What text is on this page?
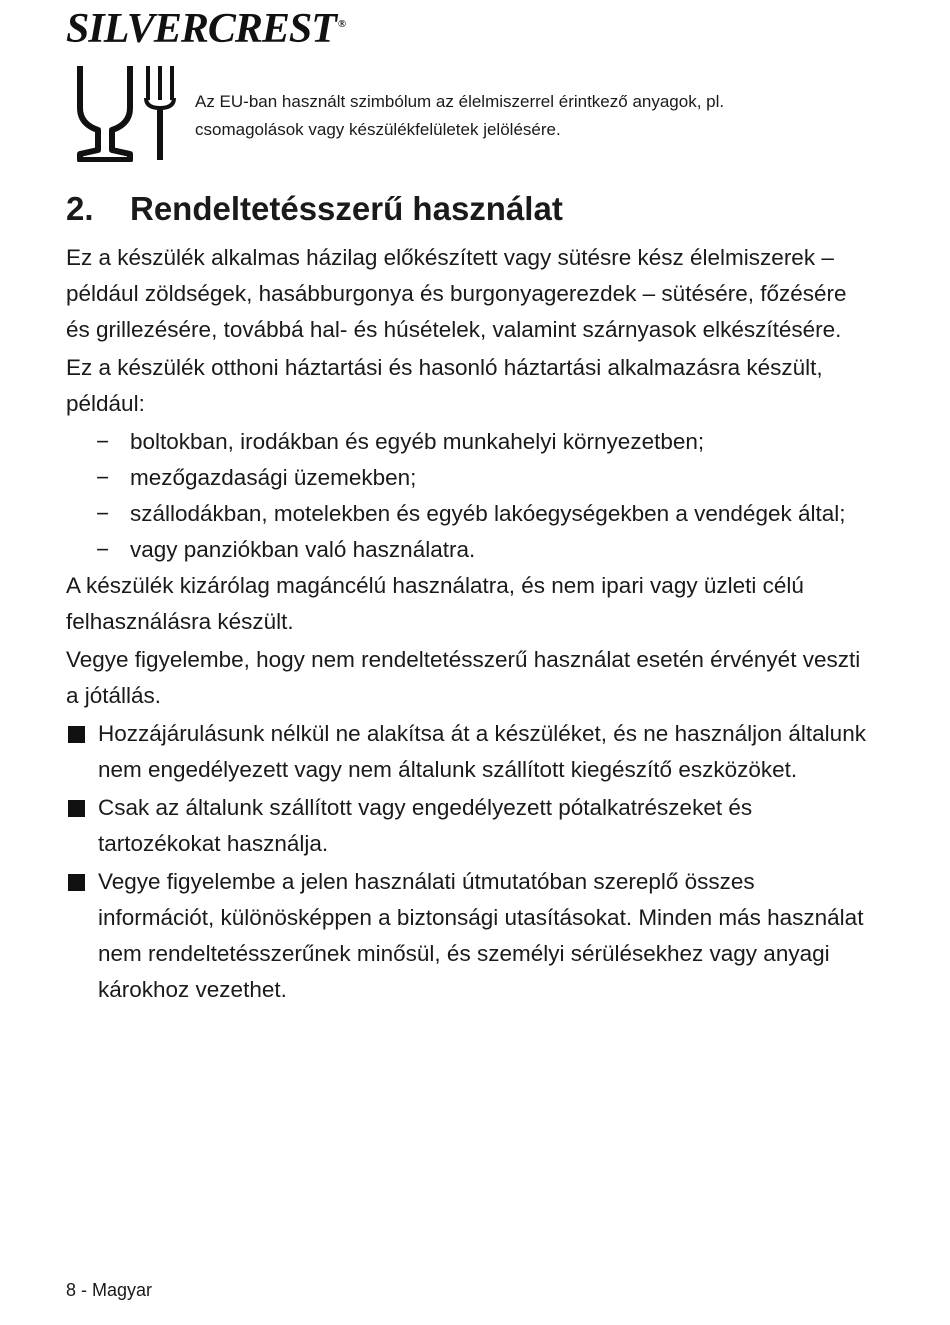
SILVERCREST ®
Az EU-ban használt szimbólum az élelmiszerrel érintkező anyagok, pl.
csomagolások vagy készülékfelületek jelölésére.
2. Rendeltetésszerű használat

Ez a készülék alkalmas házilag előkészített vagy sütésre kész élelmiszerek – például zöldségek, hasábburgonya és burgonyagerezdek – sütésére, főzésére és grillezésére, továbbá hal- és húsételek, valamint szárnyasok elkészítésére.

Ez a készülék otthoni háztartási és hasonló háztartási alkalmazásra készült, például:

− boltokban, irodákban és egyéb munkahelyi környezetben;
− mezőgazdasági üzemekben;
− szállodákban, motelekben és egyéb lakóegységekben a vendégek által;
− vagy panziókban való használatra.

A készülék kizárólag magáncélú használatra, és nem ipari vagy üzleti célú felhasználásra készült.

Vegye figyelembe, hogy nem rendeltetésszerű használat esetén érvényét veszti a jótállás.

Hozzájárulásunk nélkül ne alakítsa át a készüléket, és ne használjon általunk nem engedélyezett vagy nem általunk szállított kiegészítő eszközöket.
Csak az általunk szállított vagy engedélyezett pótalkatrészeket és tartozékokat használja.
Vegye figyelembe a jelen használati útmutatóban szereplő összes információt, különösképpen a biztonsági utasításokat. Minden más használat nem rendeltetésszerűnek minősül, és személyi sérülésekhez vagy anyagi károkhoz vezethet.
8 - Magyar
